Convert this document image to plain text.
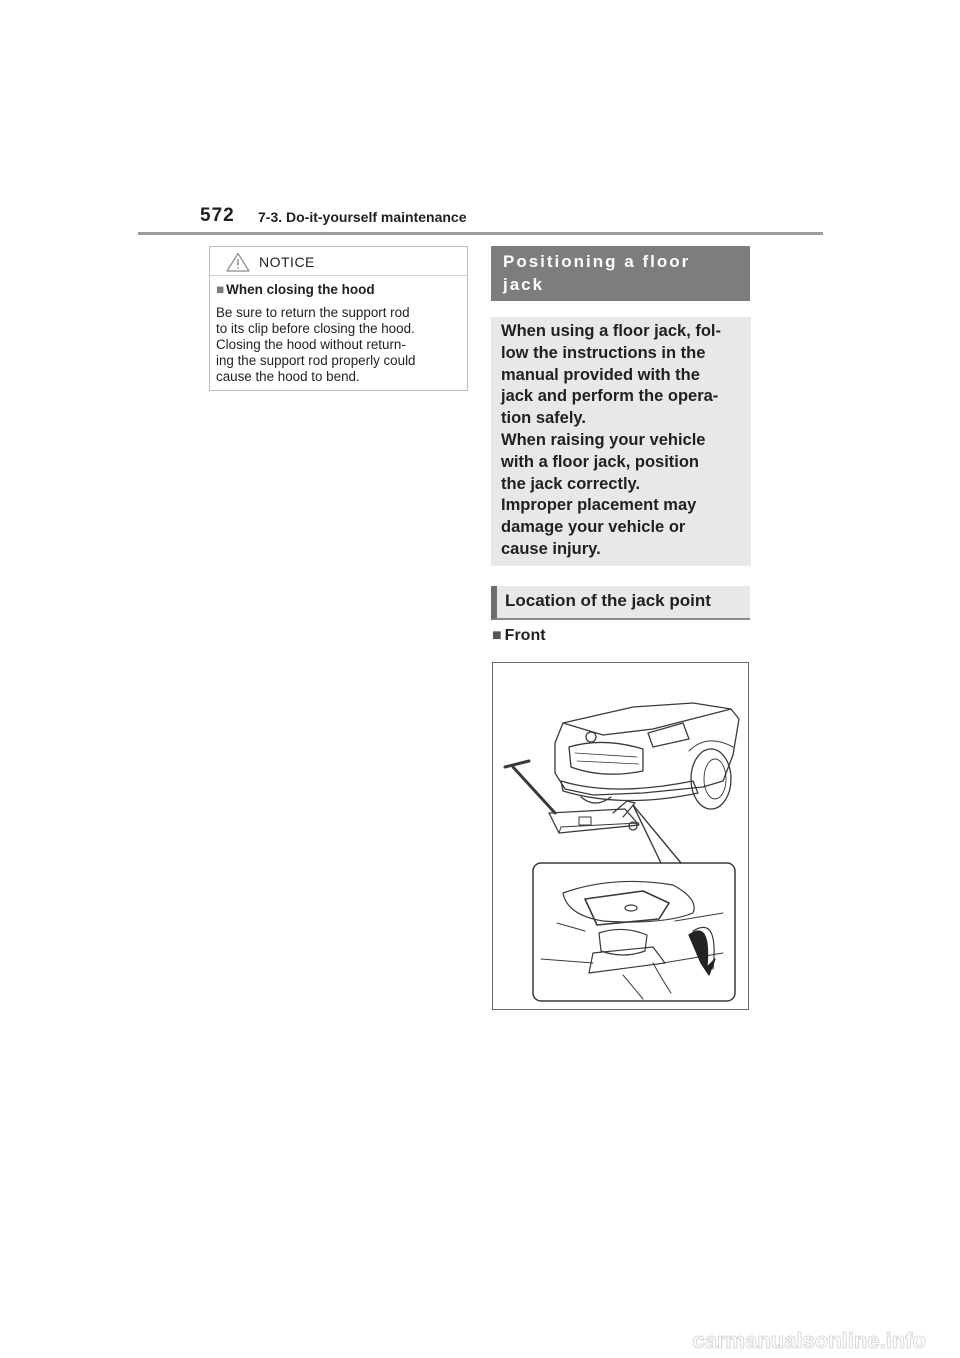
572 7-3. Do-it-yourself maintenance
NOTICE
■ When closing the hood
Be sure to return the support rod
to its clip before closing the hood.
Closing the hood without return-
ing the support rod properly could
cause the hood to bend.
Positioning a floor
jack

When using a floor jack, fol-

low the instructions in the

manual provided with the

jack and perform the opera-

tion safely.

When raising your vehicle

with a floor jack, position

the jack correctly.

Improper placement may

damage your vehicle or

cause injury.

Location of the jack point
■ Front
carmanualsonline.info
